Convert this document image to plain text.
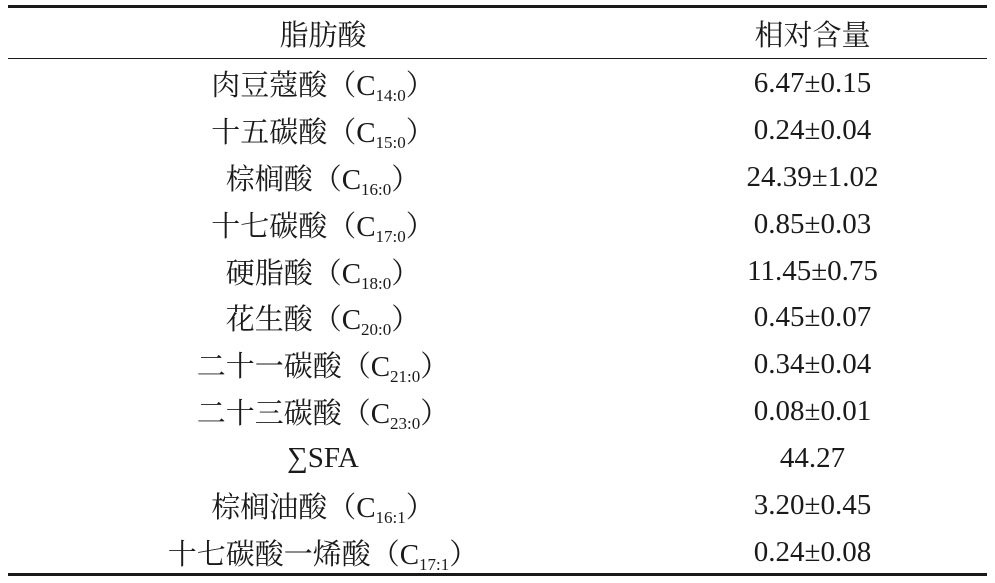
脂肪酸	相对含量
肉豆蔻酸$(C_{14:0})$	6.47±0.15
十五碳酸$(C_{15:0})$	0.24±0.04
棕榈酸$(C_{16:0})$	24.39±1.02
十七碳酸$(C_{17:0})$	0.85±0.03
硬脂酸$(C_{18:0})$	11.45±0.75
花生酸$(C_{20:0})$	0.45±0.07
二十一碳酸$(C_{21:0})$	0.34±0.04
二十三碳酸$(C_{23:0})$	0.08±0.01
∑SFA	44.27
棕榈油酸$(C_{16:1})$	3.20±0.45
十七碳酸一烯酸$(C_{17:1})$	0.24±0.08
